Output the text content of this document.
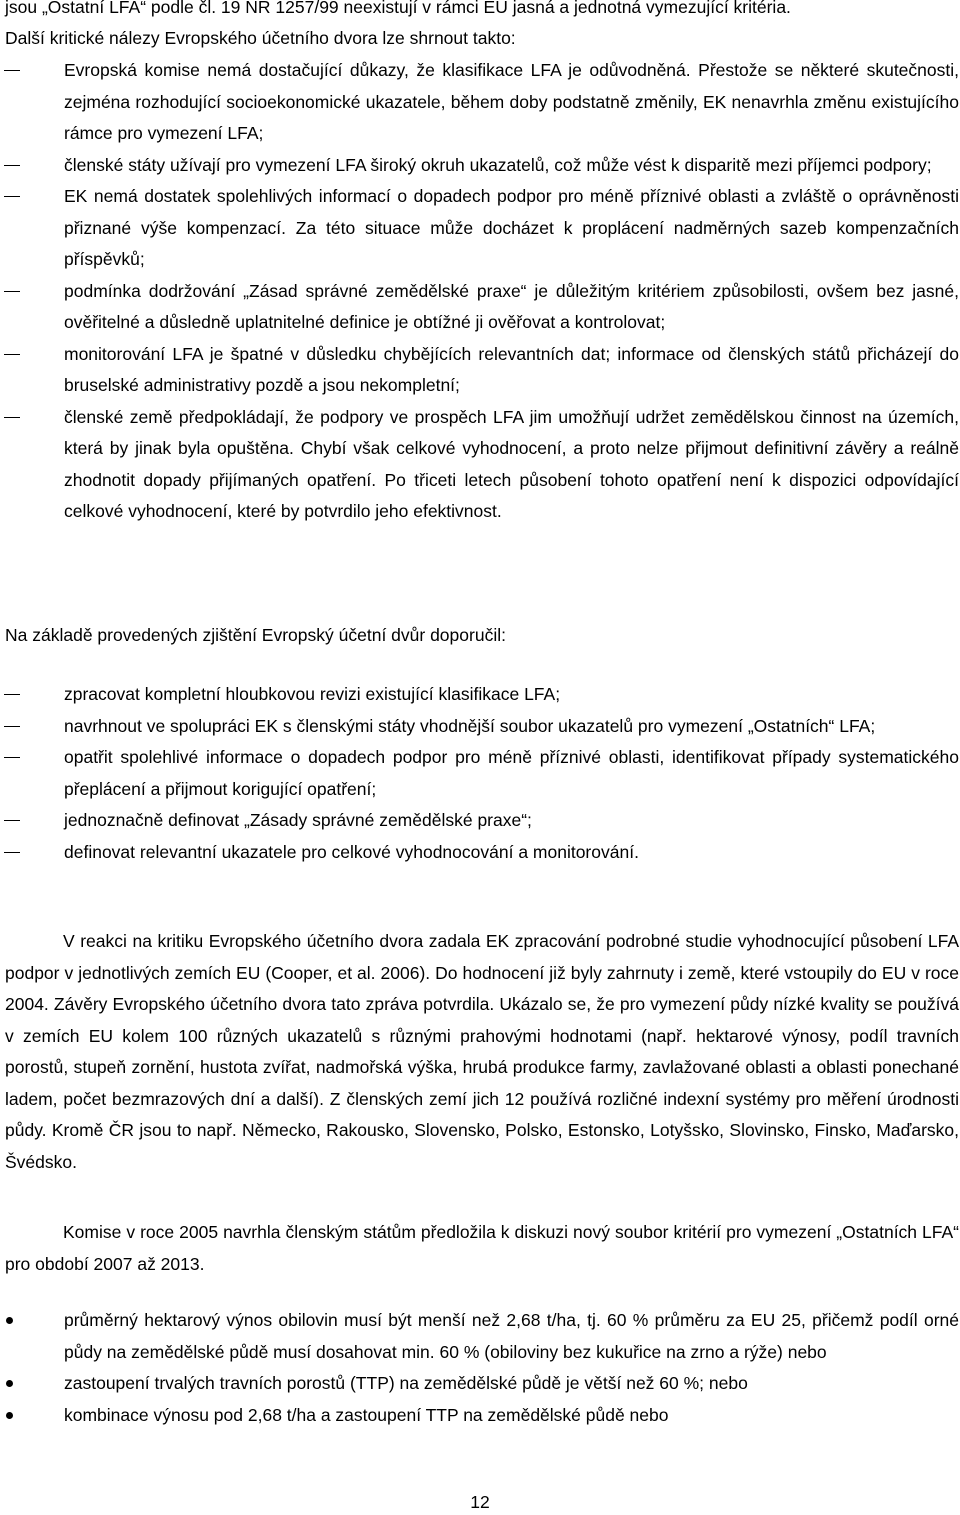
jsou „Ostatní LFA“ podle čl. 19 NR 1257/99 neexistují v rámci EU jasná a jednotná vymezující kritéria.

Další kritické nálezy Evropského účetního dvora lze shrnout takto:

Evropská komise nemá dostačující důkazy, že klasifikace LFA je odůvodněná. Přestože se některé skutečnosti, zejména rozhodující socioekonomické ukazatele, během doby podstatně změnily, EK nenavrhla změnu existujícího rámce pro vymezení LFA;
členské státy užívají pro vymezení LFA široký okruh ukazatelů, což může vést k disparitě mezi příjemci podpory;
EK nemá dostatek spolehlivých informací o dopadech podpor pro méně příznivé oblasti a zvláště o oprávněnosti přiznané výše kompenzací. Za této situace může docházet k proplácení nadměrných sazeb kompenzačních příspěvků;
podmínka dodržování „Zásad správné zemědělské praxe“ je důležitým kritériem způsobilosti, ovšem bez jasné, ověřitelné a důsledně uplatnitelné definice je obtížné ji ověřovat a kontrolovat;
monitorování LFA je špatné v důsledku chybějících relevantních dat; informace od členských států přicházejí do bruselské administrativy pozdě a jsou nekompletní;
členské země předpokládají, že podpory ve prospěch LFA jim umožňují udržet zemědělskou činnost na územích, která by jinak byla opuštěna. Chybí však celkové vyhodnocení, a proto nelze přijmout definitivní závěry a reálně zhodnotit dopady přijímaných opatření. Po třiceti letech působení tohoto opatření není k dispozici odpovídající celkové vyhodnocení, které by potvrdilo jeho efektivnost.

Na základě provedených zjištění Evropský účetní dvůr doporučil:

zpracovat kompletní hloubkovou revizi existující klasifikace LFA;
navrhnout ve spolupráci EK s členskými státy vhodnější soubor ukazatelů pro vymezení „Ostatních“ LFA;
opatřit spolehlivé informace o dopadech podpor pro méně příznivé oblasti, identifikovat případy systematického přeplácení a přijmout korigující opatření;
jednoznačně definovat „Zásady správné zemědělské praxe“;
definovat relevantní ukazatele pro celkové vyhodnocování a monitorování.

V reakci na kritiku Evropského účetního dvora zadala EK zpracování podrobné studie vyhodnocující působení LFA podpor v jednotlivých zemích EU (Cooper, et al. 2006). Do hodnocení již byly zahrnuty i země, které vstoupily do EU v roce 2004. Závěry Evropského účetního dvora tato zpráva potvrdila. Ukázalo se, že pro vymezení půdy nízké kvality se používá v zemích EU kolem 100 různých ukazatelů s různými prahovými hodnotami (např. hektarové výnosy, podíl travních porostů, stupeň zornění, hustota zvířat, nadmořská výška, hrubá produkce farmy, zavlažované oblasti a oblasti ponechané ladem, počet bezmrazových dní a další). Z členských zemí jich 12 používá rozličné indexní systémy pro měření úrodnosti půdy. Kromě ČR jsou to např. Německo, Rakousko, Slovensko, Polsko, Estonsko, Lotyšsko, Slovinsko, Finsko, Maďarsko, Švédsko.

Komise v roce 2005 navrhla členským státům předložila k diskuzi nový soubor kritérií pro vymezení „Ostatních LFA“ pro období 2007 až 2013.

průměrný hektarový výnos obilovin musí být menší než 2,68 t/ha, tj. 60 % průměru za EU 25, přičemž podíl orné půdy na zemědělské půdě musí dosahovat min. 60 % (obiloviny bez kukuřice na zrno a rýže) nebo
zastoupení trvalých travních porostů (TTP) na zemědělské půdě je větší než 60 %; nebo
kombinace výnosu pod 2,68 t/ha a zastoupení TTP na zemědělské půdě nebo
12
